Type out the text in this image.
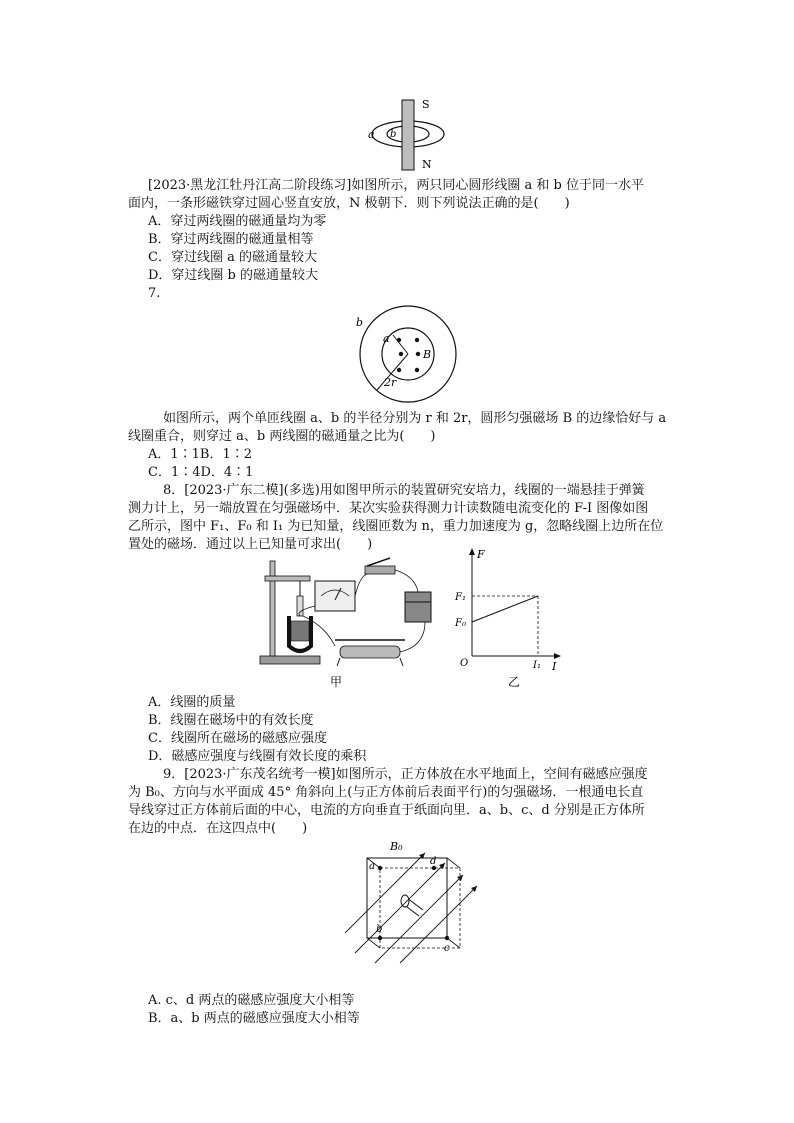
S
N
a b
[2023·黑龙江牡丹江高二阶段练习]如图所示，两只同心圆形线圈 a 和 b 位于同一水平
面内，一条形磁铁穿过圆心竖直安放，N 极朝下．则下列说法正确的是(　　)
A．穿过两线圈的磁通量均为零
B．穿过两线圈的磁通量相等
C．穿过线圈 a 的磁通量较大
D．穿过线圈 b 的磁通量较大
7.
a
b
B
2r
如图所示，两个单匝线圈 a、b 的半径分别为 r 和 2r，圆形匀强磁场 B 的边缘恰好与 a
线圈重合，则穿过 a、b 两线圈的磁通量之比为(　　)
A．1∶1B．1∶2
C．1∶4D．4∶1
8．[2023·广东二模](多选)用如图甲所示的装置研究安培力，线圈的一端悬挂于弹簧
测力计上，另一端放置在匀强磁场中．某次实验获得测力计读数随电流变化的 F-I 图像如图
乙所示，图中 F₁、F₀ 和 I₁ 为已知量，线圈匝数为 n，重力加速度为 g，忽略线圈上边所在位
置处的磁场．通过以上已知量可求出(　　)
甲
F
I
O
F₁
F₀
I₁
乙
A．线圈的质量
B．线圈在磁场中的有效长度
C．线圈所在磁场的磁感应强度
D．磁感应强度与线圈有效长度的乘积
9．[2023·广东茂名统考一模]如图所示，正方体放在水平地面上，空间有磁感应强度
为 B₀、方向与水平面成 45° 角斜向上(与正方体前后表面平行)的匀强磁场．一根通电长直
导线穿过正方体前后面的中心，电流的方向垂直于纸面向里．a、b、c、d 分别是正方体所
在边的中点．在这四点中(　　)
B₀
a	d
b
c
A. c、d 两点的磁感应强度大小相等
B．a、b 两点的磁感应强度大小相等
